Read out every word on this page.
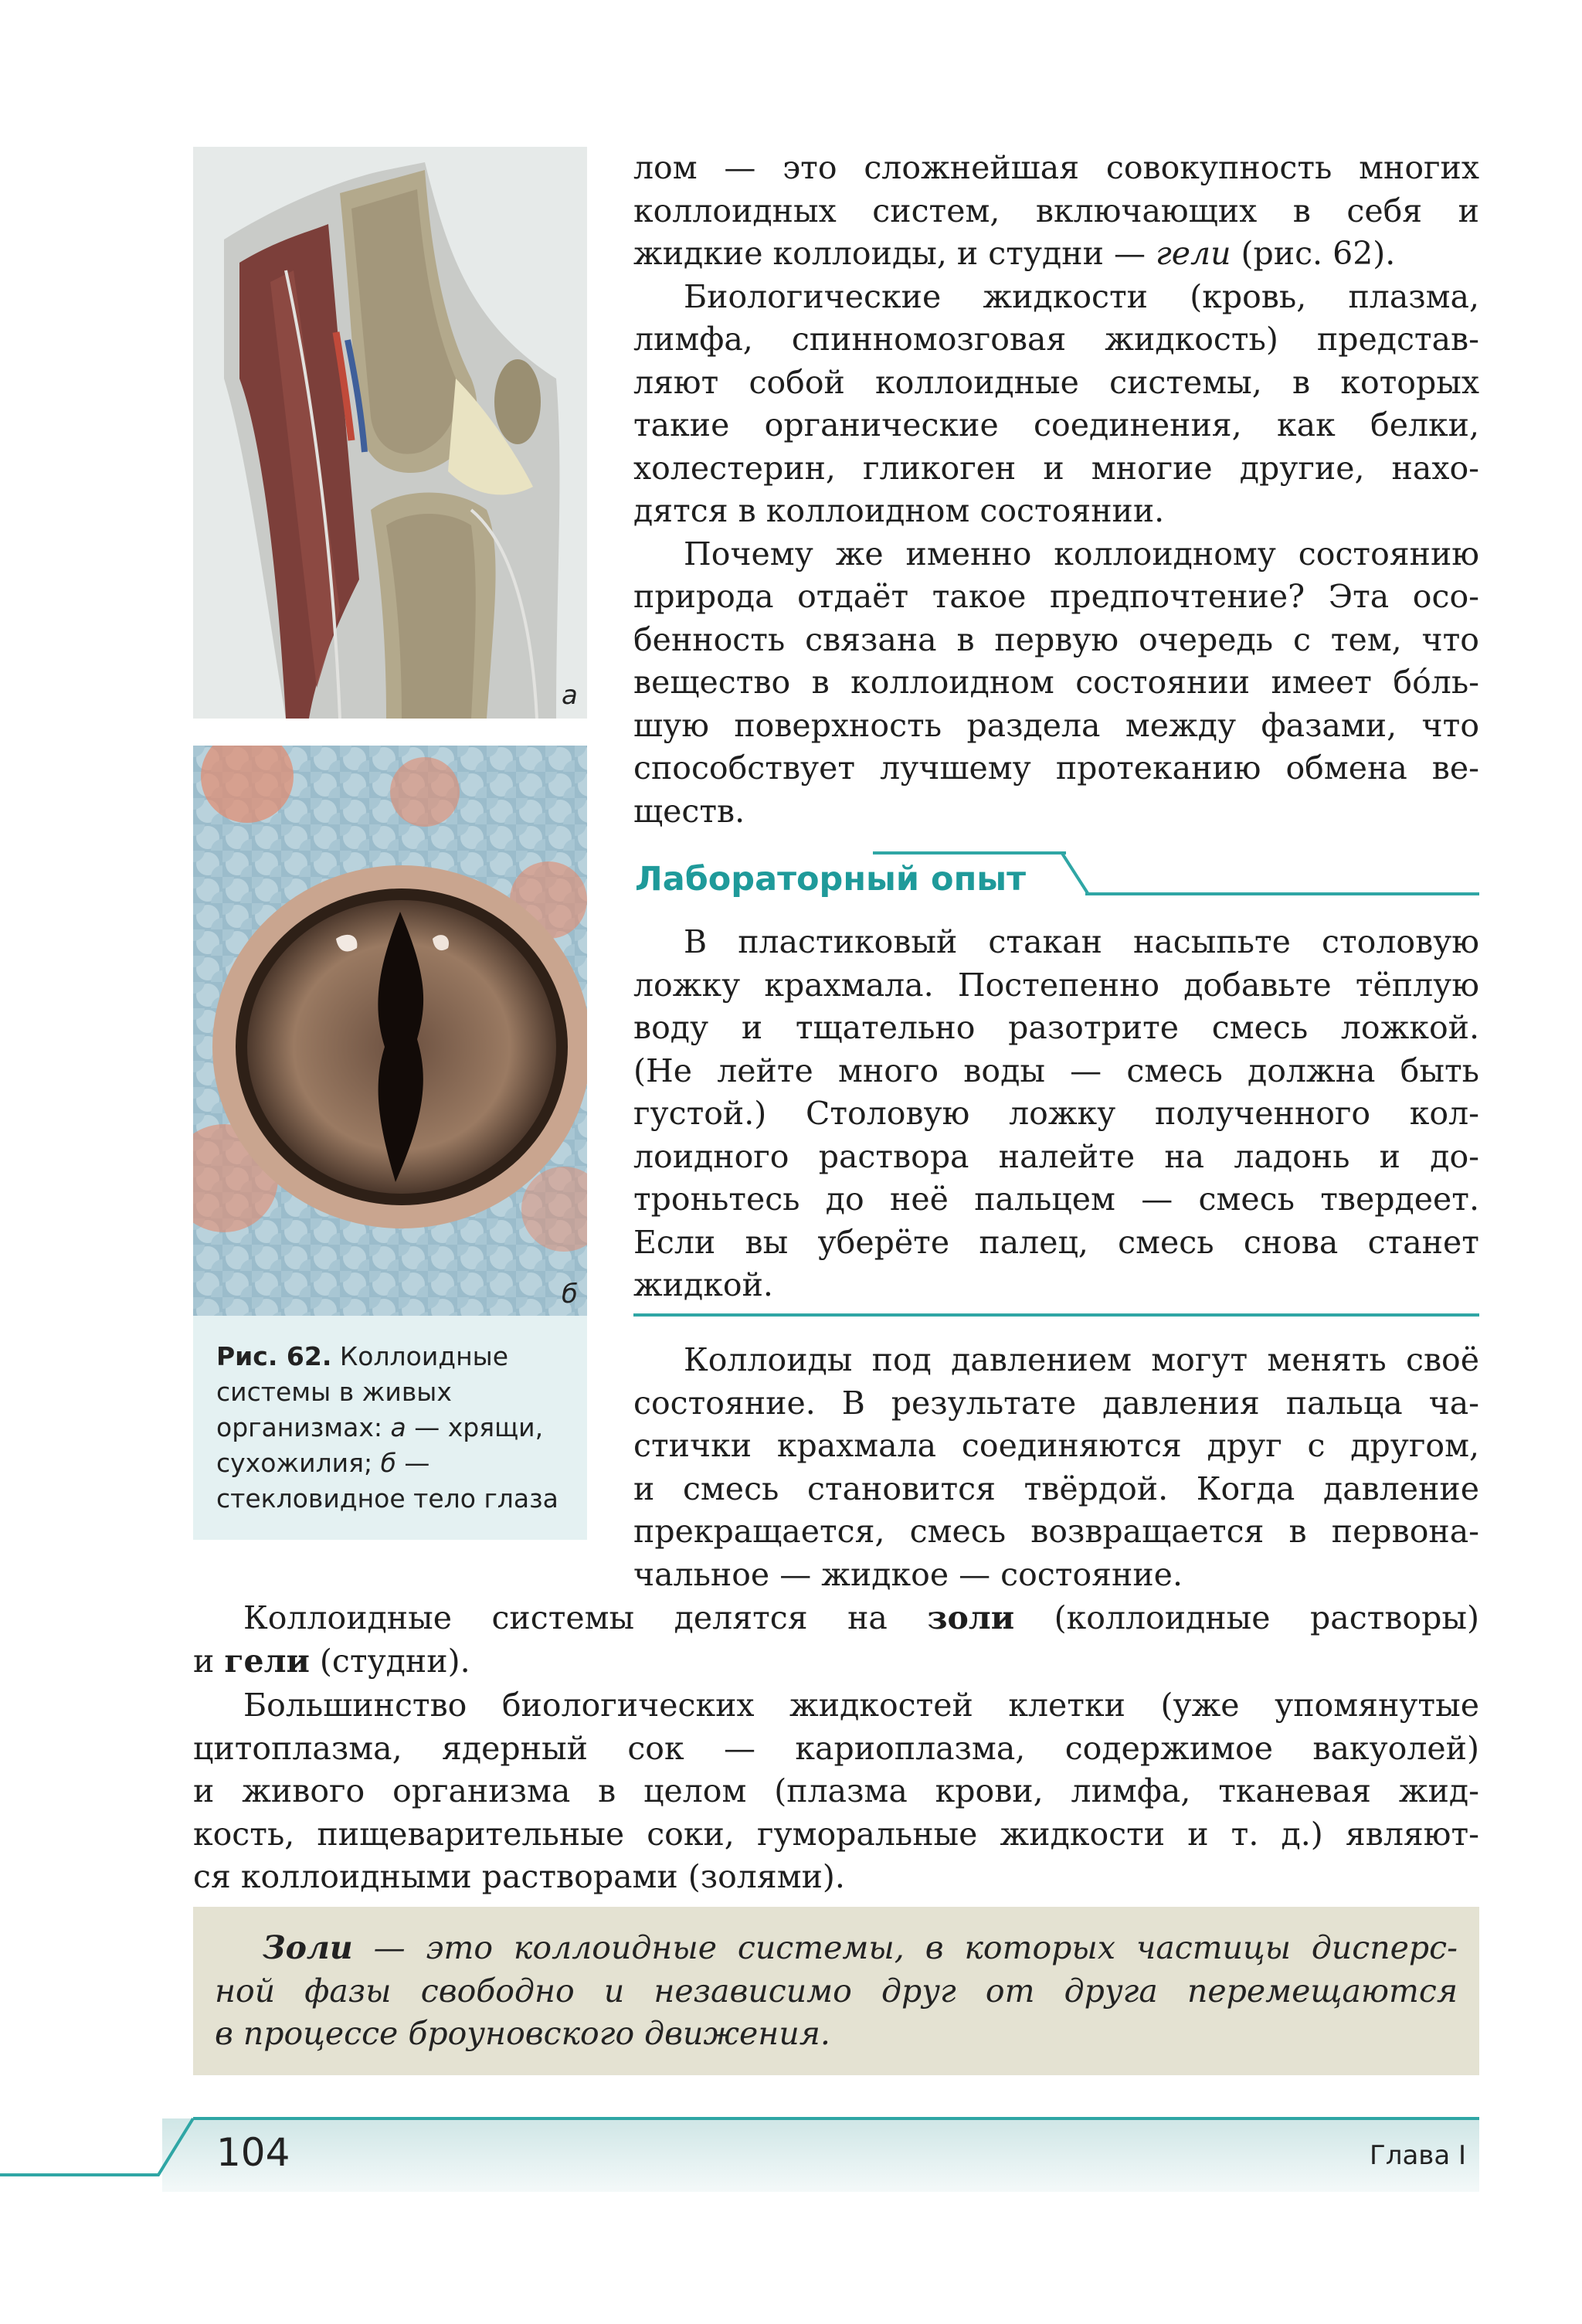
а
б
Рис. 62. Коллоидные системы в живых организмах: а — хрящи, сухожилия; б — стекловидное тело глаза

лом — это сложнейшая совокупность многих
коллоидных систем, включающих в себя и
жидкие коллоиды, и студни — гели (рис. 62).

Биологические жидкости (кровь, плазма,
лимфа, спинномозговая жидкость) представ-
ляют собой коллоидные системы, в которых
такие органические соединения, как белки,
холестерин, гликоген и многие другие, нахо-
дятся в коллоидном состоянии.

Почему же именно коллоидному состоянию
природа отдаёт такое предпочтение? Эта осо-
бенность связана в первую очередь с тем, что
вещество в коллоидном состоянии имеет бóль-
шую поверхность раздела между фазами, что
способствует лучшему протеканию обмена ве-
ществ.

Лабораторный опыт

В пластиковый стакан насыпьте столовую
ложку крахмала. Постепенно добавьте тёплую
воду и тщательно разотрите смесь ложкой.
(Не лейте много воды — смесь должна быть
густой.) Столовую ложку полученного кол-
лоидного раствора налейте на ладонь и до-
троньтесь до неё пальцем — смесь твердеет.
Если вы уберёте палец, смесь снова станет
жидкой.

Коллоиды под давлением могут менять своё
состояние. В результате давления пальца ча-
стички крахмала соединяются друг с другом,
и смесь становится твёрдой. Когда давление
прекращается, смесь возвращается в первона-
чальное — жидкое — состояние.

Коллоидные системы делятся на золи (коллоидные растворы)
и гели (студни).
Большинство биологических жидкостей клетки (уже упомянутые
цитоплазма, ядерный сок — кариоплазма, содержимое вакуолей)
и живого организма в целом (плазма крови, лимфа, тканевая жид-
кость, пищеварительные соки, гуморальные жидкости и т. д.) являют-
ся коллоидными растворами (золями).
Золи — это коллоидные системы, в которых частицы дисперс-
ной фазы свободно и независимо друг от друга перемещаются
в процессе броуновского движения.
104	Глава I
